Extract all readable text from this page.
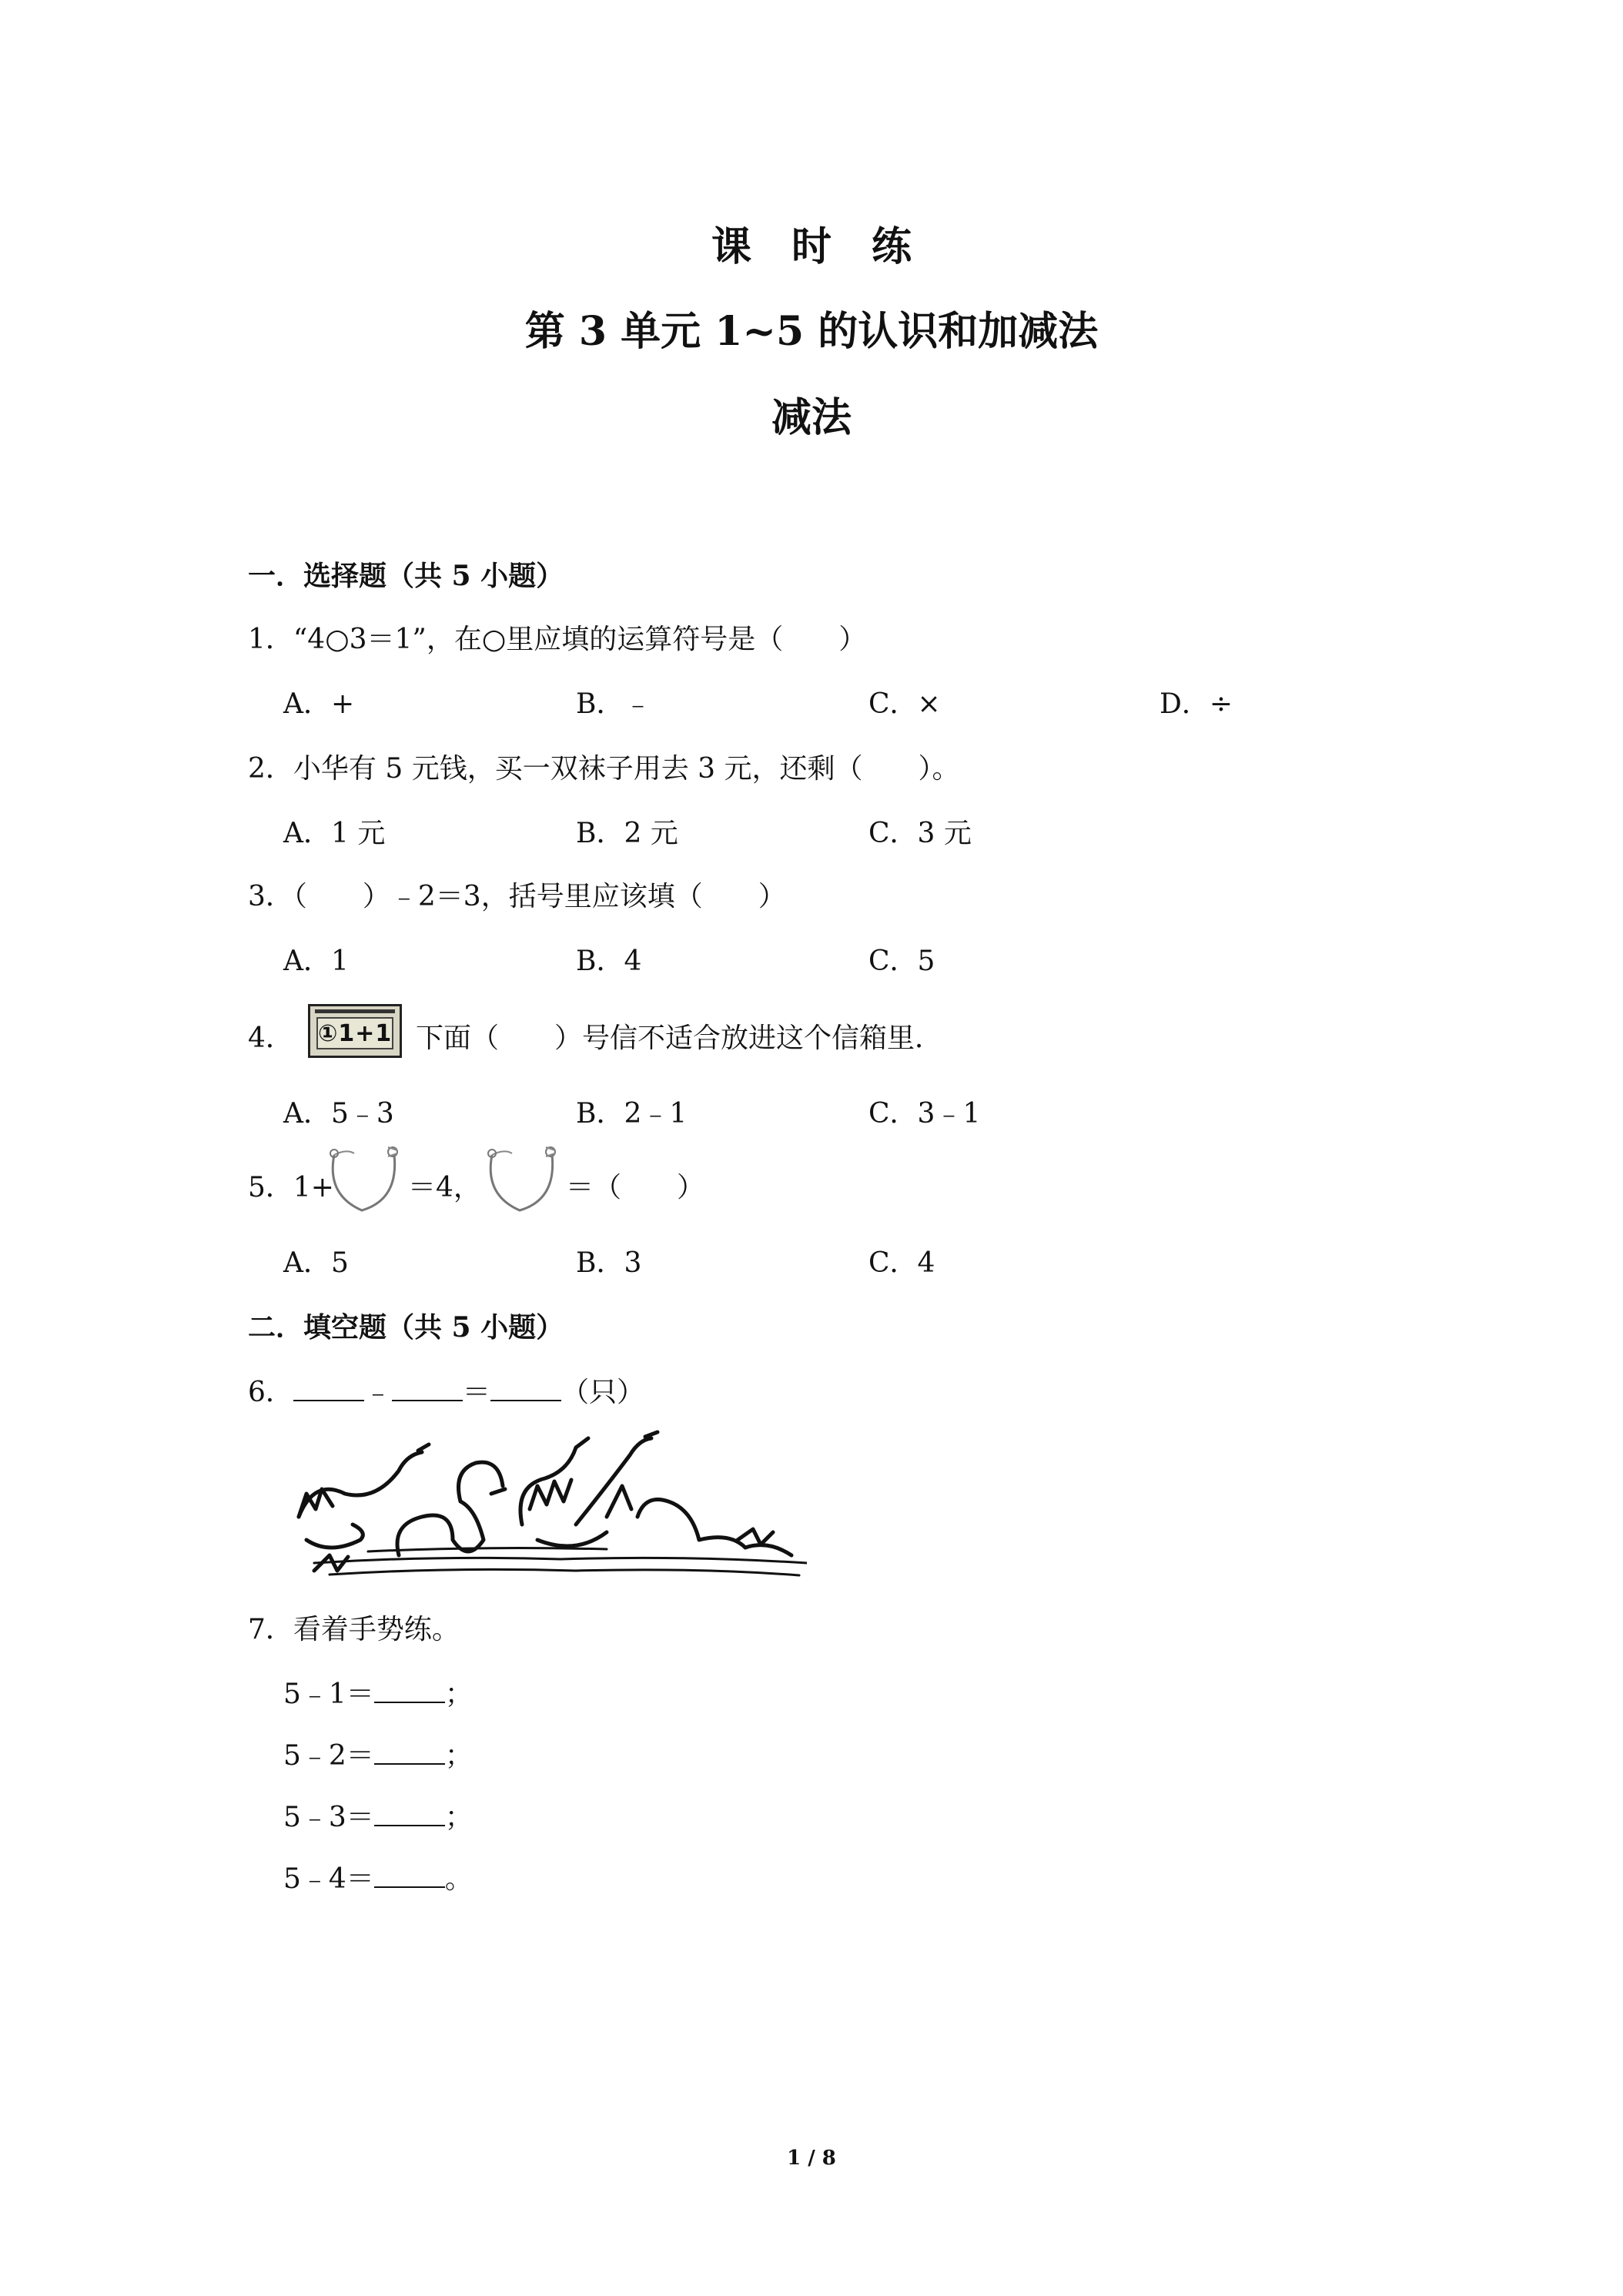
课　时　练
第 3 单元 1~5 的认识和加减法
减法
一．选择题（共 5 小题）
1．“4○3＝1”，在○里应填的运算符号是（　　）
A．+	B．﹣	C．×	D．÷
2．小华有 5 元钱，买一双袜子用去 3 元，还剩（　　）。
A．1 元	B．2 元	C．3 元
3．（　　）﹣2＝3，括号里应该填（　　）
A．1	B．4	C．5
4． ①1+1 下面（　　）号信不适合放进这个信箱里．
A．5﹣3	B．2﹣1	C．3﹣1
5．1+	＝4，	＝（　　）
A．5	B．3	C．4
二．填空题（共 5 小题）
6．	﹣	＝	（只）
7．看着手势练。
5﹣1＝	；
5﹣2＝	；
5﹣3＝	；
5﹣4＝	。
1 / 8
